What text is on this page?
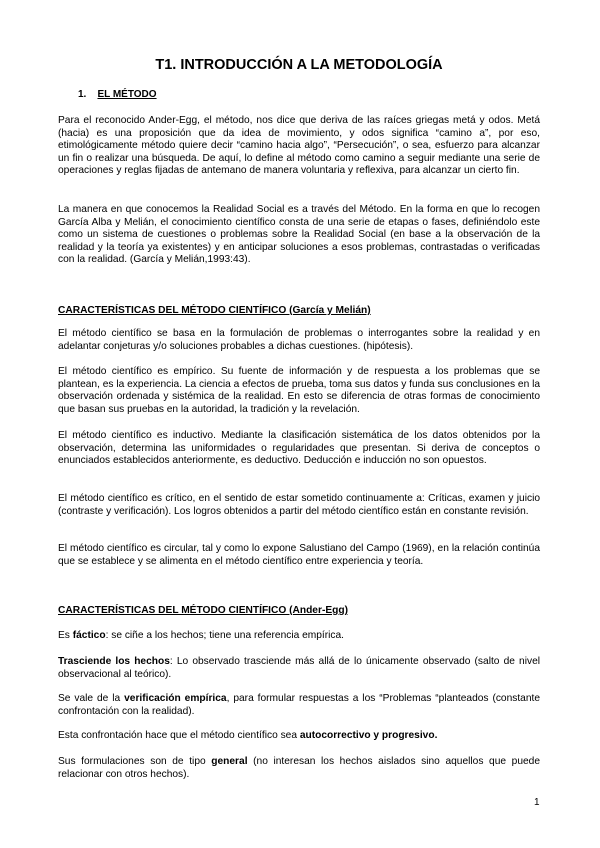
T1. INTRODUCCIÓN A LA METODOLOGÍA
1. EL MÉTODO

Para el reconocido Ander-Egg, el método, nos dice que deriva de las raíces griegas metá y odos. Metá (hacia) es una proposición que da idea de movimiento, y odos significa “camino a”, por eso, etimológicamente método quiere decir “camino hacia algo”, “Persecución”, o sea, esfuerzo para alcanzar un fin o realizar una búsqueda. De aquí, lo define al método como camino a seguir mediante una serie de operaciones y reglas fijadas de antemano de manera voluntaria y reflexiva, para alcanzar un cierto fin.

La manera en que conocemos la Realidad Social es a través del Método. En la forma en que lo recogen García Alba y Melián, el conocimiento científico consta de una serie de etapas o fases, definiéndolo este como un sistema de cuestiones o problemas sobre la Realidad Social (en base a la observación de la realidad y la teoría ya existentes) y en anticipar soluciones a esos problemas, contrastadas o verificadas con la realidad. (García y Melián,1993:43).

CARACTERÍSTICAS DEL MÉTODO CIENTÍFICO (García y Melián)

El método científico se basa en la formulación de problemas o interrogantes sobre la realidad y en adelantar conjeturas y/o soluciones probables a dichas cuestiones. (hipótesis).

El método científico es empírico. Su fuente de información y de respuesta a los problemas que se plantean, es la experiencia. La ciencia a efectos de prueba, toma sus datos y funda sus conclusiones en la observación ordenada y sistémica de la realidad. En esto se diferencia de otras formas de conocimiento que basan sus pruebas en la autoridad, la tradición y la revelación.

El método científico es inductivo. Mediante la clasificación sistemática de los datos obtenidos por la observación, determina las uniformidades o regularidades que presentan. Si deriva de conceptos o enunciados establecidos anteriormente, es deductivo. Deducción e inducción no son opuestos.

El método científico es crítico, en el sentido de estar sometido continuamente a: Críticas, examen y juicio (contraste y verificación). Los logros obtenidos a partir del método científico están en constante revisión.

El método científico es circular, tal y como lo expone Salustiano del Campo (1969), en la relación continúa que se establece y se alimenta en el método científico entre experiencia y teoría.

CARACTERÍSTICAS DEL MÉTODO CIENTÍFICO (Ander-Egg)

Es fáctico: se ciñe a los hechos; tiene una referencia empírica.

Trasciende los hechos: Lo observado trasciende más allá de lo únicamente observado (salto de nivel observacional al teórico).

Se vale de la verificación empírica, para formular respuestas a los “Problemas “planteados (constante confrontación con la realidad).

Esta confrontación hace que el método científico sea autocorrectivo y progresivo.

Sus formulaciones son de tipo general (no interesan los hechos aislados sino aquellos que puede relacionar con otros hechos).

1
